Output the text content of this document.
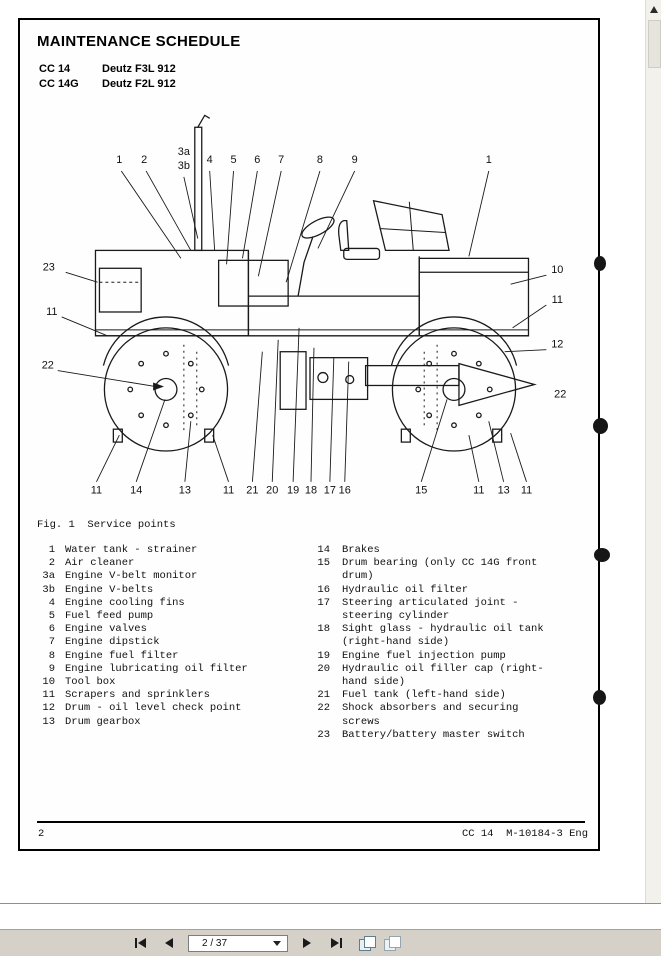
MAINTENANCE SCHEDULE
CC 14	Deutz F3L 912
CC 14G	Deutz F2L 912
1 2
3a
3b 4 5 6 7	8	9	1
23
11
22
10
11
12
22
11	14	13	11 21 20 19 18 17 16	15	11 13 11
Fig. 1  Service points
1 Water tank - strainer
2 Air cleaner
3a Engine V-belt monitor
3b Engine V-belts
4 Engine cooling fins
5 Fuel feed pump
6 Engine valves
7 Engine dipstick
8 Engine fuel filter
9 Engine lubricating oil filter
10 Tool box
11 Scrapers and sprinklers
12 Drum - oil level check point
13 Drum gearbox
14 Brakes
15 Drum bearing (only CC 14G front drum)
16 Hydraulic oil filter
17 Steering articulated joint - steering cylinder
18 Sight glass - hydraulic oil tank (right-hand side)
19 Engine fuel injection pump
20 Hydraulic oil filler cap (right-hand side)
21 Fuel tank (left-hand side)
22 Shock absorbers and securing screws
23 Battery/battery master switch
2	CC 14  M-10184-3 Eng
2 / 37
